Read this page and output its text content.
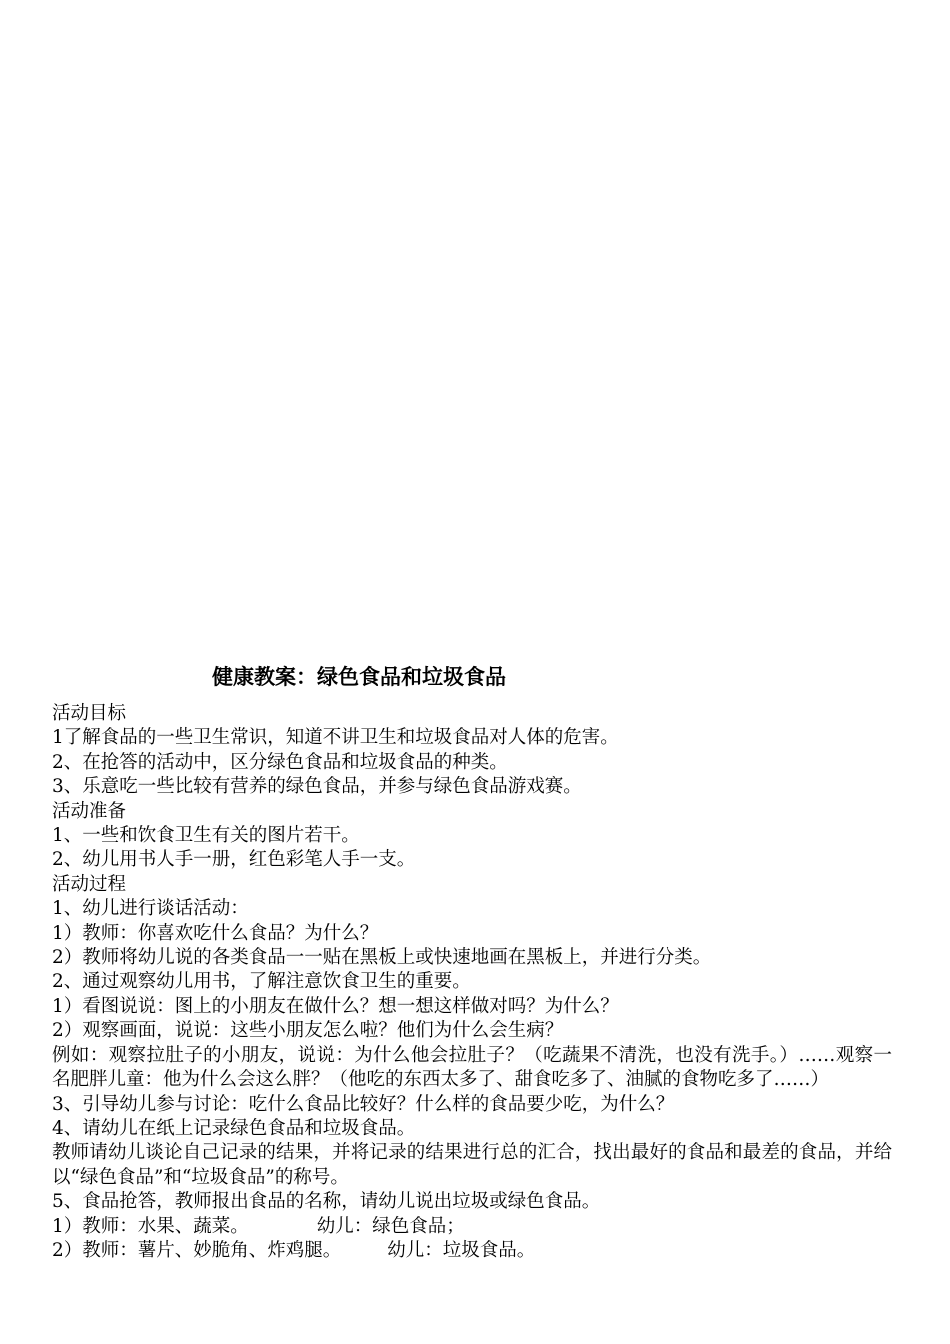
健康教案：绿色食品和垃圾食品
活动目标
1了解食品的一些卫生常识，知道不讲卫生和垃圾食品对人体的危害。
2、在抢答的活动中，区分绿色食品和垃圾食品的种类。
3、乐意吃一些比较有营养的绿色食品，并参与绿色食品游戏赛。
活动准备
1、一些和饮食卫生有关的图片若干。
2、幼儿用书人手一册，红色彩笔人手一支。
活动过程
1、幼儿进行谈话活动：
1）教师：你喜欢吃什么食品？为什么？
2）教师将幼儿说的各类食品一一贴在黑板上或快速地画在黑板上，并进行分类。
2、通过观察幼儿用书，了解注意饮食卫生的重要。
1）看图说说：图上的小朋友在做什么？想一想这样做对吗？为什么？
2）观察画面，说说：这些小朋友怎么啦？他们为什么会生病？
例如：观察拉肚子的小朋友，说说：为什么他会拉肚子？（吃蔬果不清洗，也没有洗手。）……观察一名肥胖儿童：他为什么会这么胖？（他吃的东西太多了、甜食吃多了、油腻的食物吃多了……）
3、引导幼儿参与讨论：吃什么食品比较好？什么样的食品要少吃，为什么？
4、请幼儿在纸上记录绿色食品和垃圾食品。
教师请幼儿谈论自己记录的结果，并将记录的结果进行总的汇合，找出最好的食品和最差的食品，并给以“绿色食品”和“垃圾食品”的称号。
5、食品抢答，教师报出食品的名称，请幼儿说出垃圾或绿色食品。
1）教师：水果、蔬菜。	幼儿：绿色食品；
2）教师：薯片、妙脆角、炸鸡腿。 幼儿：垃圾食品。
